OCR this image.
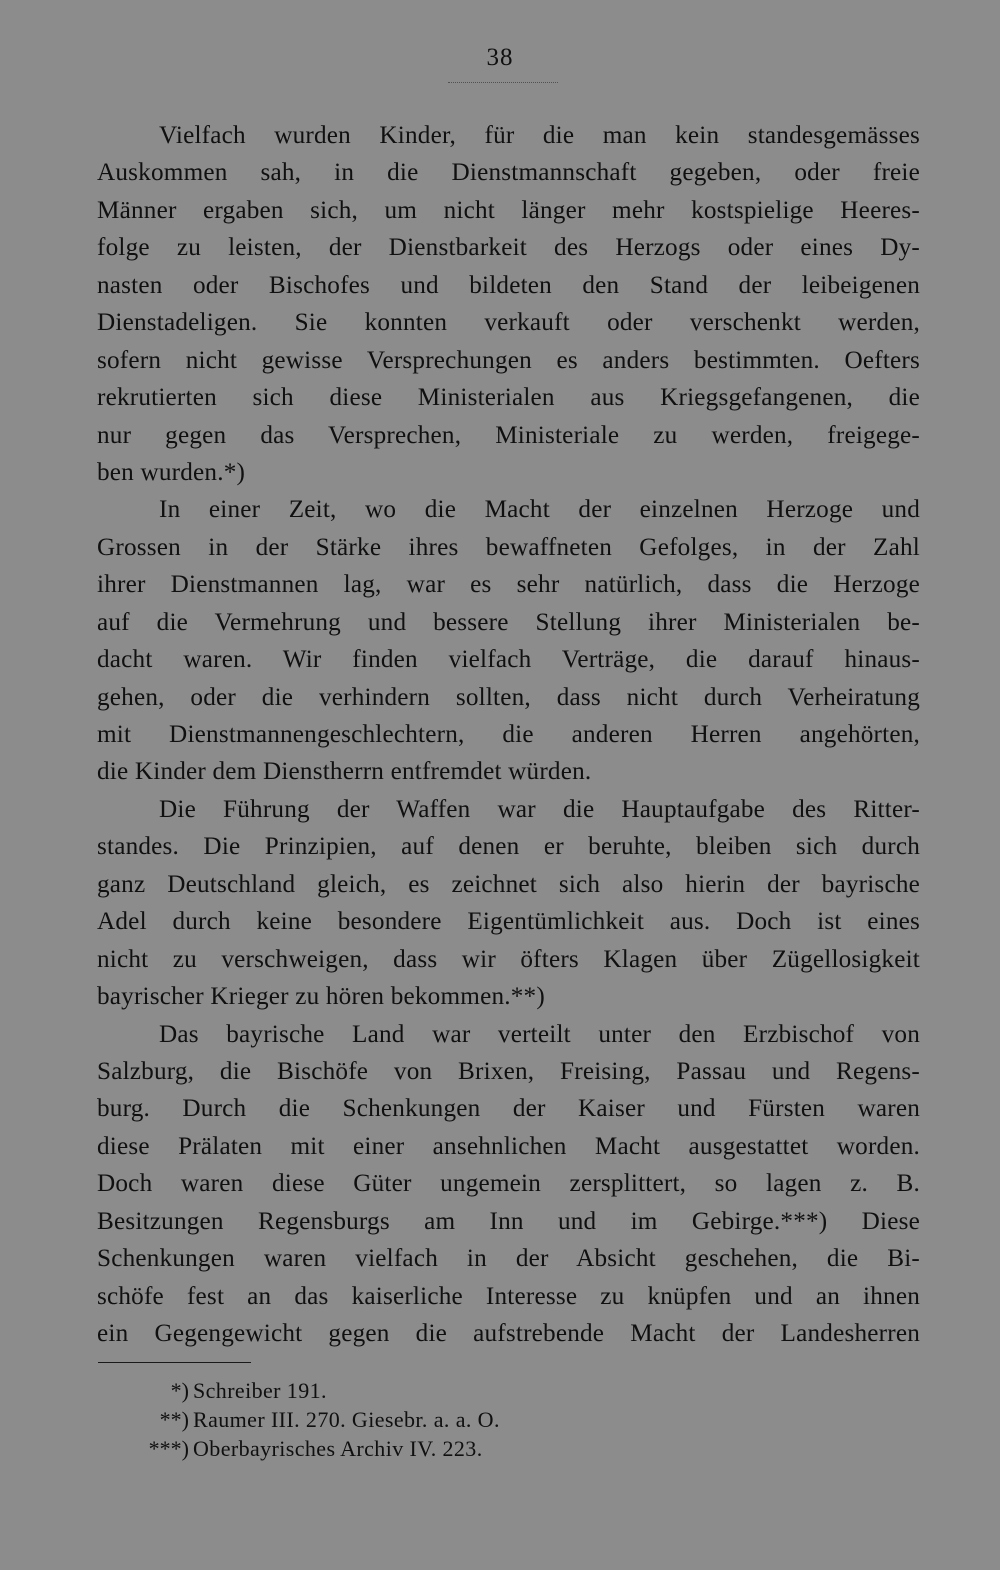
38
Vielfach wurden Kinder, für die man kein standesgemässes
Auskommen sah, in die Dienstmannschaft gegeben, oder freie
Männer ergaben sich, um nicht länger mehr kostspielige Heeres-
folge zu leisten, der Dienstbarkeit des Herzogs oder eines Dy-
nasten oder Bischofes und bildeten den Stand der leibeigenen
Dienstadeligen. Sie konnten verkauft oder verschenkt werden,
sofern nicht gewisse Versprechungen es anders bestimmten. Oefters
rekrutierten sich diese Ministerialen aus Kriegsgefangenen, die
nur gegen das Versprechen, Ministeriale zu werden, freigege-
ben wurden.*)
In einer Zeit, wo die Macht der einzelnen Herzoge und
Grossen in der Stärke ihres bewaffneten Gefolges, in der Zahl
ihrer Dienstmannen lag, war es sehr natürlich, dass die Herzoge
auf die Vermehrung und bessere Stellung ihrer Ministerialen be-
dacht waren. Wir finden vielfach Verträge, die darauf hinaus-
gehen, oder die verhindern sollten, dass nicht durch Verheiratung
mit Dienstmannengeschlechtern, die anderen Herren angehörten,
die Kinder dem Dienstherrn entfremdet würden.
Die Führung der Waffen war die Hauptaufgabe des Ritter-
standes. Die Prinzipien, auf denen er beruhte, bleiben sich durch
ganz Deutschland gleich, es zeichnet sich also hierin der bayrische
Adel durch keine besondere Eigentümlichkeit aus. Doch ist eines
nicht zu verschweigen, dass wir öfters Klagen über Zügellosigkeit
bayrischer Krieger zu hören bekommen.**)
Das bayrische Land war verteilt unter den Erzbischof von
Salzburg, die Bischöfe von Brixen, Freising, Passau und Regens-
burg. Durch die Schenkungen der Kaiser und Fürsten waren
diese Prälaten mit einer ansehnlichen Macht ausgestattet worden.
Doch waren diese Güter ungemein zersplittert, so lagen z. B.
Besitzungen Regensburgs am Inn und im Gebirge.***) Diese
Schenkungen waren vielfach in der Absicht geschehen, die Bi-
schöfe fest an das kaiserliche Interesse zu knüpfen und an ihnen
ein Gegengewicht gegen die aufstrebende Macht der Landesherren
*) Schreiber 191.
**) Raumer III. 270. Giesebr. a. a. O.
***) Oberbayrisches Archiv IV. 223.
